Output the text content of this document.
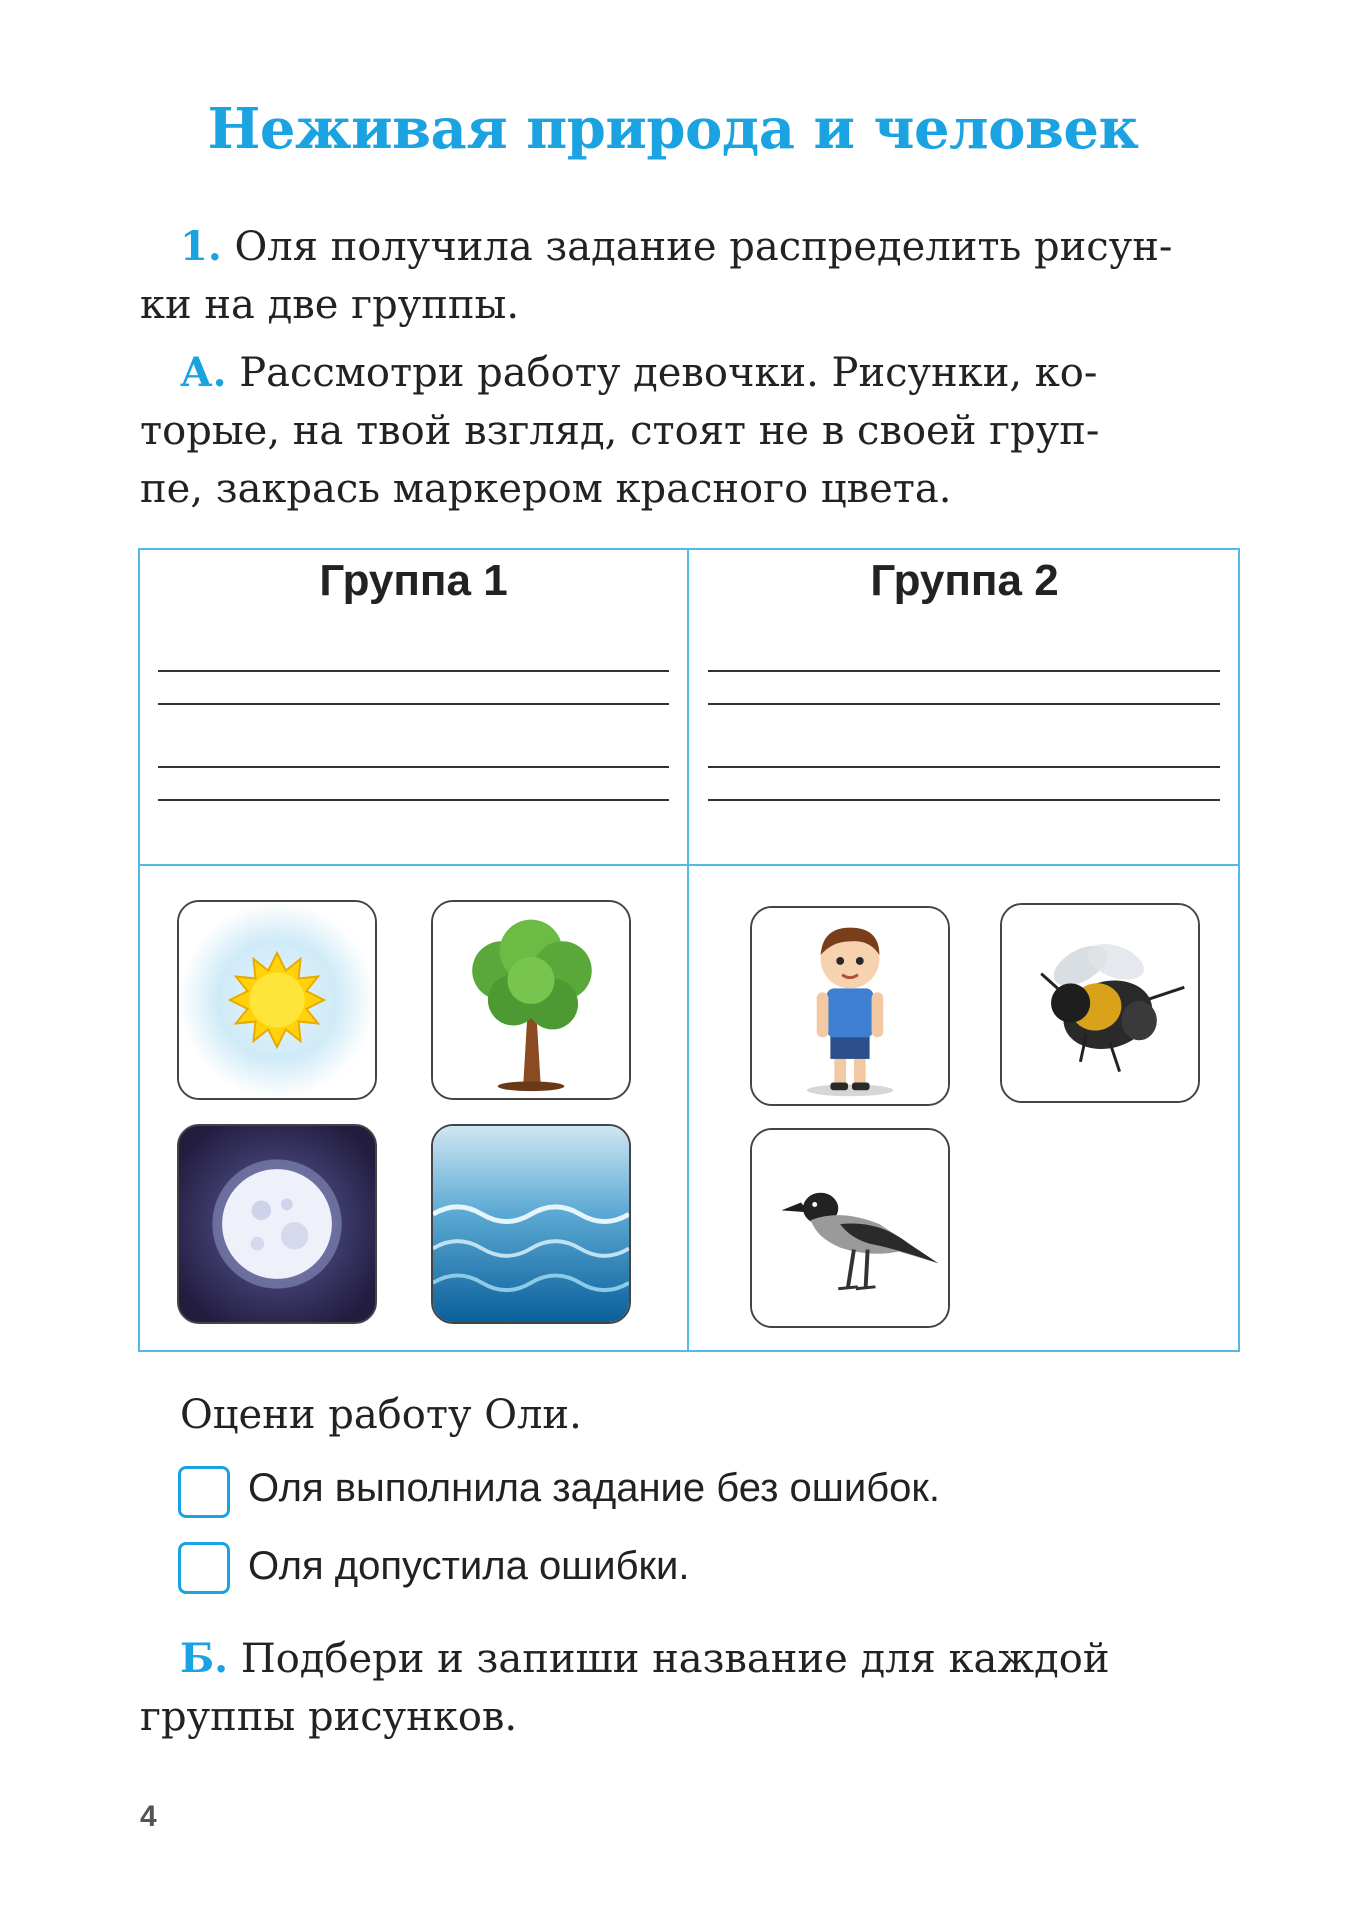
Неживая природа и человек
1. Оля получила задание распределить рисун-
ки на две группы.
А. Рассмотри работу девочки. Рисунки, ко-
торые, на твой взгляд, стоят не в своей груп-
пе, закрась маркером красного цвета.
Группа 1	Группа 2
Оцени работу Оли.
Оля выполнила задание без ошибок.
Оля допустила ошибки.
Б. Подбери и запиши название для каждой
группы рисунков.
4
